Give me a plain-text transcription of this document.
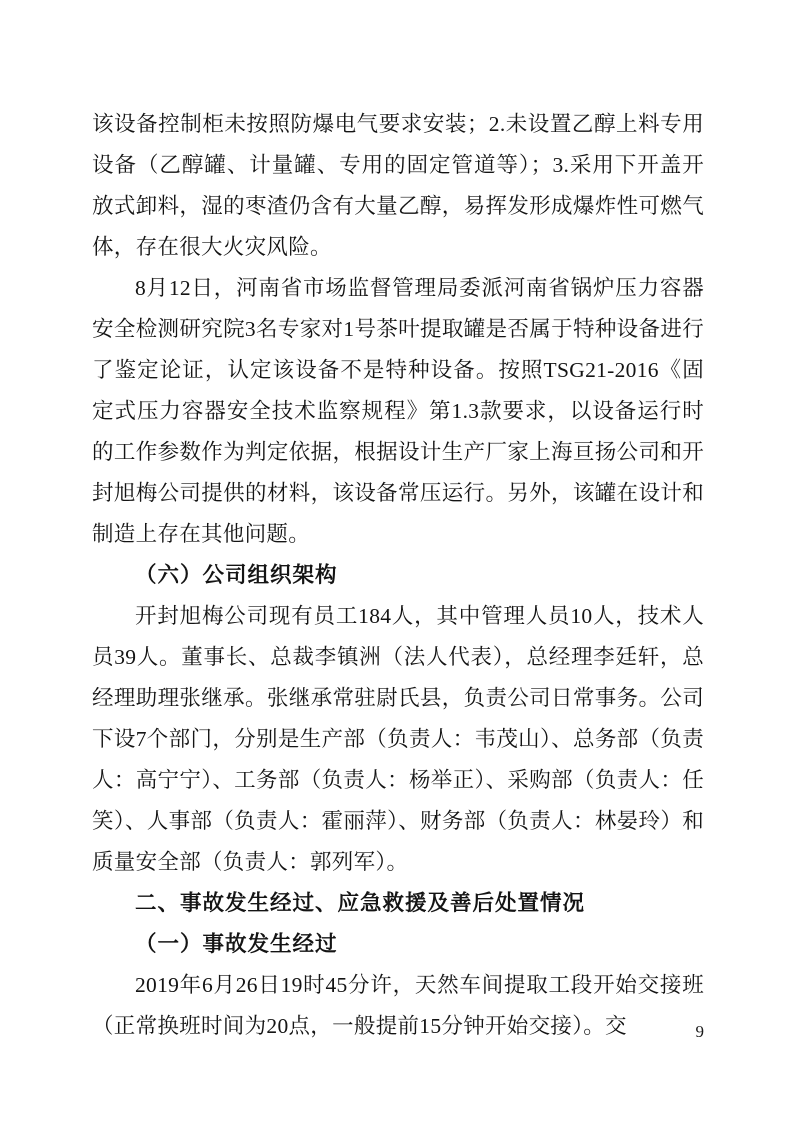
该设备控制柜未按照防爆电气要求安装；2.未设置乙醇上料专用设备（乙醇罐、计量罐、专用的固定管道等）；3.采用下开盖开放式卸料，湿的枣渣仍含有大量乙醇，易挥发形成爆炸性可燃气体，存在很大火灾风险。

8月12日，河南省市场监督管理局委派河南省锅炉压力容器安全检测研究院3名专家对1号茶叶提取罐是否属于特种设备进行了鉴定论证，认定该设备不是特种设备。按照TSG21-2016《固定式压力容器安全技术监察规程》第1.3款要求，以设备运行时的工作参数作为判定依据，根据设计生产厂家上海亘扬公司和开封旭梅公司提供的材料，该设备常压运行。另外，该罐在设计和制造上存在其他问题。

（六）公司组织架构

开封旭梅公司现有员工184人，其中管理人员10人，技术人员39人。董事长、总裁李镇洲（法人代表），总经理李廷轩，总经理助理张继承。张继承常驻尉氏县，负责公司日常事务。公司下设7个部门，分别是生产部（负责人：韦茂山）、总务部（负责人：高宁宁）、工务部（负责人：杨举正）、采购部（负责人：任笑）、人事部（负责人：霍丽萍）、财务部（负责人：林晏玲）和质量安全部（负责人：郭列军）。

二、事故发生经过、应急救援及善后处置情况

（一）事故发生经过

2019年6月26日19时45分许，天然车间提取工段开始交接班（正常换班时间为20点，一般提前15分钟开始交接）。交	9
